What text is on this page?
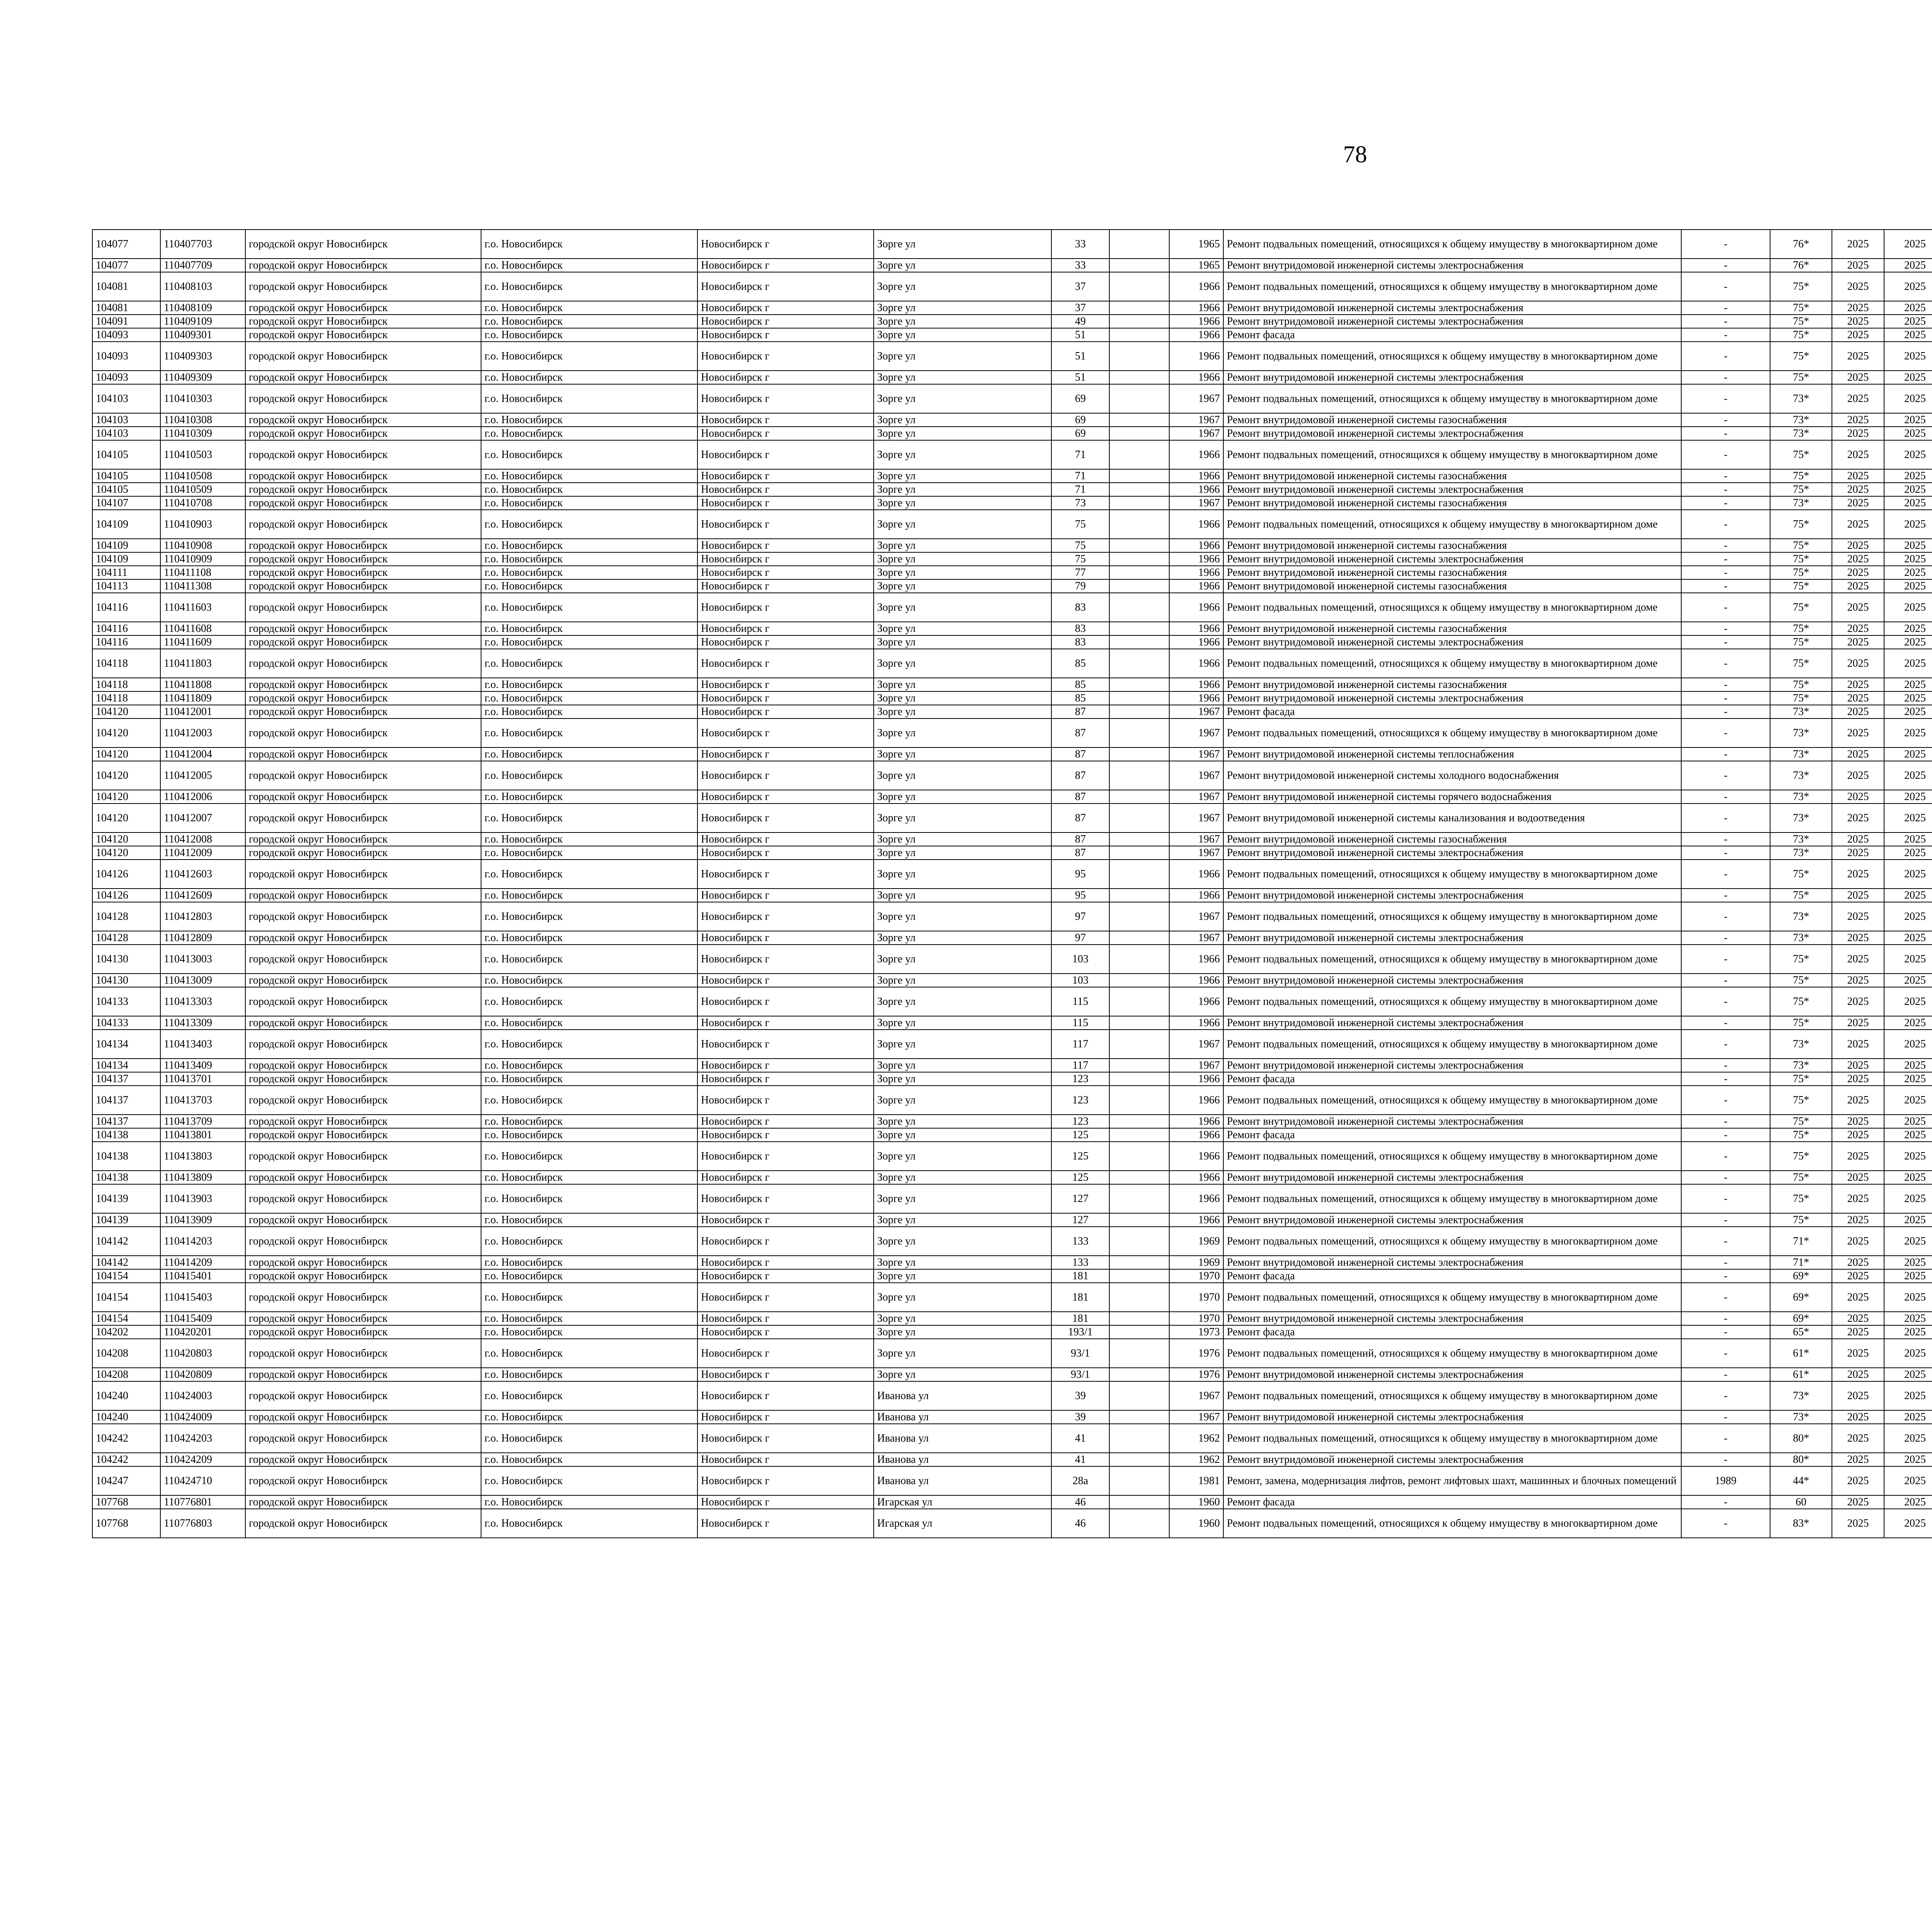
78
104077	110407703	городской округ Новосибирск	г.о. Новосибирск	Новосибирск г	Зорге ул	33		1965	Ремонт подвальных помещений, относящихся к общему имуществу в многоквартирном доме	-	76*	2025	2025					
104077	110407709	городской округ Новосибирск	г.о. Новосибирск	Новосибирск г	Зорге ул	33		1965	Ремонт внутридомовой инженерной системы электроснабжения	-	76*	2025	2025					
104081	110408103	городской округ Новосибирск	г.о. Новосибирск	Новосибирск г	Зорге ул	37		1966	Ремонт подвальных помещений, относящихся к общему имуществу в многоквартирном доме	-	75*	2025	2025					
104081	110408109	городской округ Новосибирск	г.о. Новосибирск	Новосибирск г	Зорге ул	37		1966	Ремонт внутридомовой инженерной системы электроснабжения	-	75*	2025	2025					
104091	110409109	городской округ Новосибирск	г.о. Новосибирск	Новосибирск г	Зорге ул	49		1966	Ремонт внутридомовой инженерной системы электроснабжения	-	75*	2025	2025					
104093	110409301	городской округ Новосибирск	г.о. Новосибирск	Новосибирск г	Зорге ул	51		1966	Ремонт фасада	-	75*	2025	2025					
104093	110409303	городской округ Новосибирск	г.о. Новосибирск	Новосибирск г	Зорге ул	51		1966	Ремонт подвальных помещений, относящихся к общему имуществу в многоквартирном доме	-	75*	2025	2025					
104093	110409309	городской округ Новосибирск	г.о. Новосибирск	Новосибирск г	Зорге ул	51		1966	Ремонт внутридомовой инженерной системы электроснабжения	-	75*	2025	2025					
104103	110410303	городской округ Новосибирск	г.о. Новосибирск	Новосибирск г	Зорге ул	69		1967	Ремонт подвальных помещений, относящихся к общему имуществу в многоквартирном доме	-	73*	2025	2025					
104103	110410308	городской округ Новосибирск	г.о. Новосибирск	Новосибирск г	Зорге ул	69		1967	Ремонт внутридомовой инженерной системы газоснабжения	-	73*	2025	2025					
104103	110410309	городской округ Новосибирск	г.о. Новосибирск	Новосибирск г	Зорге ул	69		1967	Ремонт внутридомовой инженерной системы электроснабжения	-	73*	2025	2025					
104105	110410503	городской округ Новосибирск	г.о. Новосибирск	Новосибирск г	Зорге ул	71		1966	Ремонт подвальных помещений, относящихся к общему имуществу в многоквартирном доме	-	75*	2025	2025					
104105	110410508	городской округ Новосибирск	г.о. Новосибирск	Новосибирск г	Зорге ул	71		1966	Ремонт внутридомовой инженерной системы газоснабжения	-	75*	2025	2025					
104105	110410509	городской округ Новосибирск	г.о. Новосибирск	Новосибирск г	Зорге ул	71		1966	Ремонт внутридомовой инженерной системы электроснабжения	-	75*	2025	2025					
104107	110410708	городской округ Новосибирск	г.о. Новосибирск	Новосибирск г	Зорге ул	73		1967	Ремонт внутридомовой инженерной системы газоснабжения	-	73*	2025	2025					
104109	110410903	городской округ Новосибирск	г.о. Новосибирск	Новосибирск г	Зорге ул	75		1966	Ремонт подвальных помещений, относящихся к общему имуществу в многоквартирном доме	-	75*	2025	2025					
104109	110410908	городской округ Новосибирск	г.о. Новосибирск	Новосибирск г	Зорге ул	75		1966	Ремонт внутридомовой инженерной системы газоснабжения	-	75*	2025	2025					
104109	110410909	городской округ Новосибирск	г.о. Новосибирск	Новосибирск г	Зорге ул	75		1966	Ремонт внутридомовой инженерной системы электроснабжения	-	75*	2025	2025					
104111	110411108	городской округ Новосибирск	г.о. Новосибирск	Новосибирск г	Зорге ул	77		1966	Ремонт внутридомовой инженерной системы газоснабжения	-	75*	2025	2025					
104113	110411308	городской округ Новосибирск	г.о. Новосибирск	Новосибирск г	Зорге ул	79		1966	Ремонт внутридомовой инженерной системы газоснабжения	-	75*	2025	2025					
104116	110411603	городской округ Новосибирск	г.о. Новосибирск	Новосибирск г	Зорге ул	83		1966	Ремонт подвальных помещений, относящихся к общему имуществу в многоквартирном доме	-	75*	2025	2025					
104116	110411608	городской округ Новосибирск	г.о. Новосибирск	Новосибирск г	Зорге ул	83		1966	Ремонт внутридомовой инженерной системы газоснабжения	-	75*	2025	2025					
104116	110411609	городской округ Новосибирск	г.о. Новосибирск	Новосибирск г	Зорге ул	83		1966	Ремонт внутридомовой инженерной системы электроснабжения	-	75*	2025	2025					
104118	110411803	городской округ Новосибирск	г.о. Новосибирск	Новосибирск г	Зорге ул	85		1966	Ремонт подвальных помещений, относящихся к общему имуществу в многоквартирном доме	-	75*	2025	2025					
104118	110411808	городской округ Новосибирск	г.о. Новосибирск	Новосибирск г	Зорге ул	85		1966	Ремонт внутридомовой инженерной системы газоснабжения	-	75*	2025	2025					
104118	110411809	городской округ Новосибирск	г.о. Новосибирск	Новосибирск г	Зорге ул	85		1966	Ремонт внутридомовой инженерной системы электроснабжения	-	75*	2025	2025					
104120	110412001	городской округ Новосибирск	г.о. Новосибирск	Новосибирск г	Зорге ул	87		1967	Ремонт фасада	-	73*	2025	2025					
104120	110412003	городской округ Новосибирск	г.о. Новосибирск	Новосибирск г	Зорге ул	87		1967	Ремонт подвальных помещений, относящихся к общему имуществу в многоквартирном доме	-	73*	2025	2025					
104120	110412004	городской округ Новосибирск	г.о. Новосибирск	Новосибирск г	Зорге ул	87		1967	Ремонт внутридомовой инженерной системы теплоснабжения	-	73*	2025	2025					
104120	110412005	городской округ Новосибирск	г.о. Новосибирск	Новосибирск г	Зорге ул	87		1967	Ремонт внутридомовой инженерной системы холодного водоснабжения	-	73*	2025	2025					
104120	110412006	городской округ Новосибирск	г.о. Новосибирск	Новосибирск г	Зорге ул	87		1967	Ремонт внутридомовой инженерной системы горячего водоснабжения	-	73*	2025	2025					
104120	110412007	городской округ Новосибирск	г.о. Новосибирск	Новосибирск г	Зорге ул	87		1967	Ремонт внутридомовой инженерной системы канализования и водоотведения	-	73*	2025	2025					
104120	110412008	городской округ Новосибирск	г.о. Новосибирск	Новосибирск г	Зорге ул	87		1967	Ремонт внутридомовой инженерной системы газоснабжения	-	73*	2025	2025					
104120	110412009	городской округ Новосибирск	г.о. Новосибирск	Новосибирск г	Зорге ул	87		1967	Ремонт внутридомовой инженерной системы электроснабжения	-	73*	2025	2025					
104126	110412603	городской округ Новосибирск	г.о. Новосибирск	Новосибирск г	Зорге ул	95		1966	Ремонт подвальных помещений, относящихся к общему имуществу в многоквартирном доме	-	75*	2025	2025					
104126	110412609	городской округ Новосибирск	г.о. Новосибирск	Новосибирск г	Зорге ул	95		1966	Ремонт внутридомовой инженерной системы электроснабжения	-	75*	2025	2025					
104128	110412803	городской округ Новосибирск	г.о. Новосибирск	Новосибирск г	Зорге ул	97		1967	Ремонт подвальных помещений, относящихся к общему имуществу в многоквартирном доме	-	73*	2025	2025					
104128	110412809	городской округ Новосибирск	г.о. Новосибирск	Новосибирск г	Зорге ул	97		1967	Ремонт внутридомовой инженерной системы электроснабжения	-	73*	2025	2025					
104130	110413003	городской округ Новосибирск	г.о. Новосибирск	Новосибирск г	Зорге ул	103		1966	Ремонт подвальных помещений, относящихся к общему имуществу в многоквартирном доме	-	75*	2025	2025					
104130	110413009	городской округ Новосибирск	г.о. Новосибирск	Новосибирск г	Зорге ул	103		1966	Ремонт внутридомовой инженерной системы электроснабжения	-	75*	2025	2025					
104133	110413303	городской округ Новосибирск	г.о. Новосибирск	Новосибирск г	Зорге ул	115		1966	Ремонт подвальных помещений, относящихся к общему имуществу в многоквартирном доме	-	75*	2025	2025					
104133	110413309	городской округ Новосибирск	г.о. Новосибирск	Новосибирск г	Зорге ул	115		1966	Ремонт внутридомовой инженерной системы электроснабжения	-	75*	2025	2025					
104134	110413403	городской округ Новосибирск	г.о. Новосибирск	Новосибирск г	Зорге ул	117		1967	Ремонт подвальных помещений, относящихся к общему имуществу в многоквартирном доме	-	73*	2025	2025					
104134	110413409	городской округ Новосибирск	г.о. Новосибирск	Новосибирск г	Зорге ул	117		1967	Ремонт внутридомовой инженерной системы электроснабжения	-	73*	2025	2025					
104137	110413701	городской округ Новосибирск	г.о. Новосибирск	Новосибирск г	Зорге ул	123		1966	Ремонт фасада	-	75*	2025	2025					
104137	110413703	городской округ Новосибирск	г.о. Новосибирск	Новосибирск г	Зорге ул	123		1966	Ремонт подвальных помещений, относящихся к общему имуществу в многоквартирном доме	-	75*	2025	2025					
104137	110413709	городской округ Новосибирск	г.о. Новосибирск	Новосибирск г	Зорге ул	123		1966	Ремонт внутридомовой инженерной системы электроснабжения	-	75*	2025	2025					
104138	110413801	городской округ Новосибирск	г.о. Новосибирск	Новосибирск г	Зорге ул	125		1966	Ремонт фасада	-	75*	2025	2025					
104138	110413803	городской округ Новосибирск	г.о. Новосибирск	Новосибирск г	Зорге ул	125		1966	Ремонт подвальных помещений, относящихся к общему имуществу в многоквартирном доме	-	75*	2025	2025					
104138	110413809	городской округ Новосибирск	г.о. Новосибирск	Новосибирск г	Зорге ул	125		1966	Ремонт внутридомовой инженерной системы электроснабжения	-	75*	2025	2025					
104139	110413903	городской округ Новосибирск	г.о. Новосибирск	Новосибирск г	Зорге ул	127		1966	Ремонт подвальных помещений, относящихся к общему имуществу в многоквартирном доме	-	75*	2025	2025					
104139	110413909	городской округ Новосибирск	г.о. Новосибирск	Новосибирск г	Зорге ул	127		1966	Ремонт внутридомовой инженерной системы электроснабжения	-	75*	2025	2025					
104142	110414203	городской округ Новосибирск	г.о. Новосибирск	Новосибирск г	Зорге ул	133		1969	Ремонт подвальных помещений, относящихся к общему имуществу в многоквартирном доме	-	71*	2025	2025					
104142	110414209	городской округ Новосибирск	г.о. Новосибирск	Новосибирск г	Зорге ул	133		1969	Ремонт внутридомовой инженерной системы электроснабжения	-	71*	2025	2025					
104154	110415401	городской округ Новосибирск	г.о. Новосибирск	Новосибирск г	Зорге ул	181		1970	Ремонт фасада	-	69*	2025	2025					
104154	110415403	городской округ Новосибирск	г.о. Новосибирск	Новосибирск г	Зорге ул	181		1970	Ремонт подвальных помещений, относящихся к общему имуществу в многоквартирном доме	-	69*	2025	2025					
104154	110415409	городской округ Новосибирск	г.о. Новосибирск	Новосибирск г	Зорге ул	181		1970	Ремонт внутридомовой инженерной системы электроснабжения	-	69*	2025	2025					
104202	110420201	городской округ Новосибирск	г.о. Новосибирск	Новосибирск г	Зорге ул	193/1		1973	Ремонт фасада	-	65*	2025	2025					
104208	110420803	городской округ Новосибирск	г.о. Новосибирск	Новосибирск г	Зорге ул	93/1		1976	Ремонт подвальных помещений, относящихся к общему имуществу в многоквартирном доме	-	61*	2025	2025					
104208	110420809	городской округ Новосибирск	г.о. Новосибирск	Новосибирск г	Зорге ул	93/1		1976	Ремонт внутридомовой инженерной системы электроснабжения	-	61*	2025	2025					
104240	110424003	городской округ Новосибирск	г.о. Новосибирск	Новосибирск г	Иванова ул	39		1967	Ремонт подвальных помещений, относящихся к общему имуществу в многоквартирном доме	-	73*	2025	2025					
104240	110424009	городской округ Новосибирск	г.о. Новосибирск	Новосибирск г	Иванова ул	39		1967	Ремонт внутридомовой инженерной системы электроснабжения	-	73*	2025	2025					
104242	110424203	городской округ Новосибирск	г.о. Новосибирск	Новосибирск г	Иванова ул	41		1962	Ремонт подвальных помещений, относящихся к общему имуществу в многоквартирном доме	-	80*	2025	2025					
104242	110424209	городской округ Новосибирск	г.о. Новосибирск	Новосибирск г	Иванова ул	41		1962	Ремонт внутридомовой инженерной системы электроснабжения	-	80*	2025	2025					
104247	110424710	городской округ Новосибирск	г.о. Новосибирск	Новосибирск г	Иванова ул	28а		1981	Ремонт, замена, модернизация лифтов, ремонт лифтовых шахт, машинных и блочных помещений	1989	44*	2025	2025					
107768	110776801	городской округ Новосибирск	г.о. Новосибирск	Новосибирск г	Игарская ул	46		1960	Ремонт фасада	-	60	2025	2025					
107768	110776803	городской округ Новосибирск	г.о. Новосибирск	Новосибирск г	Игарская ул	46		1960	Ремонт подвальных помещений, относящихся к общему имуществу в многоквартирном доме	-	83*	2025	2025					
